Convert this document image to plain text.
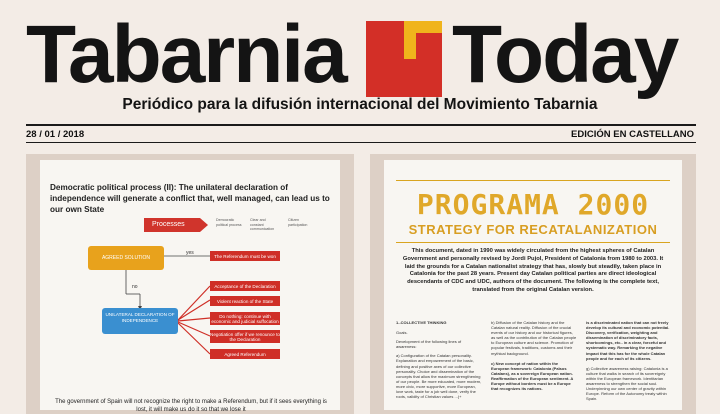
Tabarnia Today
Periódico para la difusión internacional del Movimiento Tabarnia
28 / 01 / 2018	EDICIÓN EN CASTELLANO
Democratic political process (II): The unilateral declaration of independence will generate a conflict that, well managed, can lead us to our own State
Processes
Democratic political process
Clear and constant communication
Citizen participation
AGREED SOLUTION
yes
no
The Referendum must be won
UNILATERAL DECLARATION OF INDEPENDENCE
Acceptance of the Declaration
Violent reaction of the State
Do nothing: continue with economic and judicial suffocation
Negotiation offer if we renounce to the Declaration
Agreed Referendum
The government of Spain will not recognize the right to make a Referendum, but if it sees everything is lost, it will make us do it so that we lose it
PROGRAMA 2000
STRATEGY FOR RECATALANIZATION
This document, dated in 1990 was widely circulated from the highest spheres of Catalan Government and personally revised by Jordi Pujol, President of Catalonia from 1980 to 2003. It laid the grounds for a Catalan nationalist strategy that has, slowly but steadily, taken place in Catalonia for the past 28 years. Present day Catalan political parties are direct ideological descendants of CDC and UDC, authors of the document. The following is the complete text, translated from the original Catalan version.
1.-COLLECTIVE THINKING
Goals.
Development of the following lines of awareness:
a) Configuration of the Catalan personality. Explanation and empowerment of the basic, defining and positive axes of our collective personality. Choice and dissemination of the concepts that allow the maximum strengthening of our people. Be more educated, more modern, more civic, more supportive, more European, love work, taste for a job well done, verify the roots, validity of Christian values ...(+
b) Diffusion of the Catalan history and the Catalan natural reality. Diffusion of the crucial events of our history and our historical figures, as well as the contribution of the Catalan people to European culture and science. Promotion of popular festivals, traditions, customs and their mythical background.
c) New concept of nation within the European framework: Catalonia (Països Catalans), as a sovereign European nation. Reaffirmation of the European sentiment. A Europe without borders must be a Europe that recognizes its nations.
is a discriminated nation that can not freely develop its cultural and economic potential. Discovery, verification, weighting and dissemination of discriminatory facts, shortcomings, etc.. in a clear, forceful and systematic way. Remarking the negative impact that this has for the whole Catalan people and for each of its citizens.
g) Collective awareness raising: Catalonia is a culture that walks in search of its sovereignty within the European framework. Identitarian awareness to strengthen the social soul. Underpinning our own center of gravity within Europe. Reform of the Autonomy treaty within Spain.
